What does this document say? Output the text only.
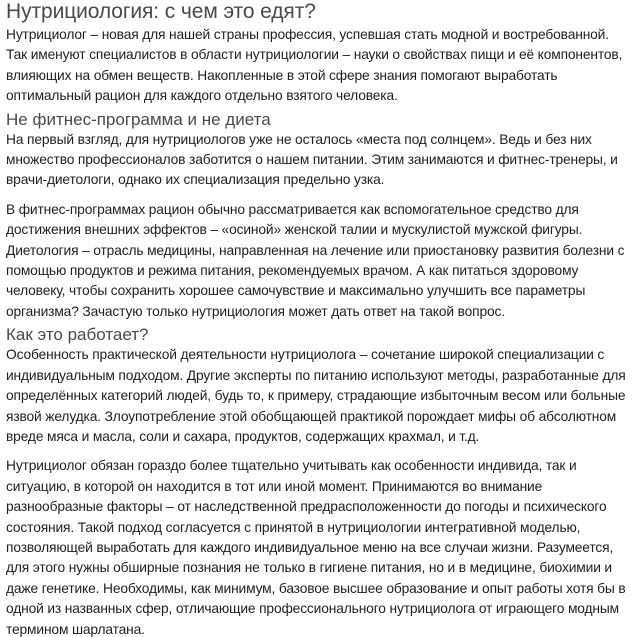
Нутрициология: с чем это едят?

Нутрициолог – новая для нашей страны профессия, успевшая стать модной и востребованной. Так именуют специалистов в области нутрициологии – науки о свойствах пищи и её компонентов, влияющих на обмен веществ. Накопленные в этой сфере знания помогают выработать оптимальный рацион для каждого отдельно взятого человека.

Не фитнес-программа и не диета

На первый взгляд, для нутрициологов уже не осталось «места под солнцем». Ведь и без них множество профессионалов заботится о нашем питании. Этим занимаются и фитнес-тренеры, и врачи-диетологи, однако их специализация предельно узка.

В фитнес-программах рацион обычно рассматривается как вспомогательное средство для достижения внешних эффектов – «осиной» женской талии и мускулистой мужской фигуры. Диетология – отрасль медицины, направленная на лечение или приостановку развития болезни с помощью продуктов и режима питания, рекомендуемых врачом. А как питаться здоровому человеку, чтобы сохранить хорошее самочувствие и максимально улучшить все параметры организма? Зачастую только нутрициология может дать ответ на такой вопрос.

Как это работает?

Особенность практической деятельности нутрициолога – сочетание широкой специализации с индивидуальным подходом. Другие эксперты по питанию используют методы, разработанные для определённых категорий людей, будь то, к примеру, страдающие избыточным весом или больные язвой желудка. Злоупотребление этой обобщающей практикой порождает мифы об абсолютном вреде мяса и масла, соли и сахара, продуктов, содержащих крахмал, и т.д.

Нутрициолог обязан гораздо более тщательно учитывать как особенности индивида, так и ситуацию, в которой он находится в тот или иной момент. Принимаются во внимание разнообразные факторы – от наследственной предрасположенности до погоды и психического состояния. Такой подход согласуется с принятой в нутрициологии интегративной моделью, позволяющей выработать для каждого индивидуальное меню на все случаи жизни. Разумеется, для этого нужны обширные познания не только в гигиене питания, но и в медицине, биохимии и даже генетике. Необходимы, как минимум, базовое высшее образование и опыт работы хотя бы в одной из названных сфер, отличающие профессионального нутрициолога от играющего модным термином шарлатана.
